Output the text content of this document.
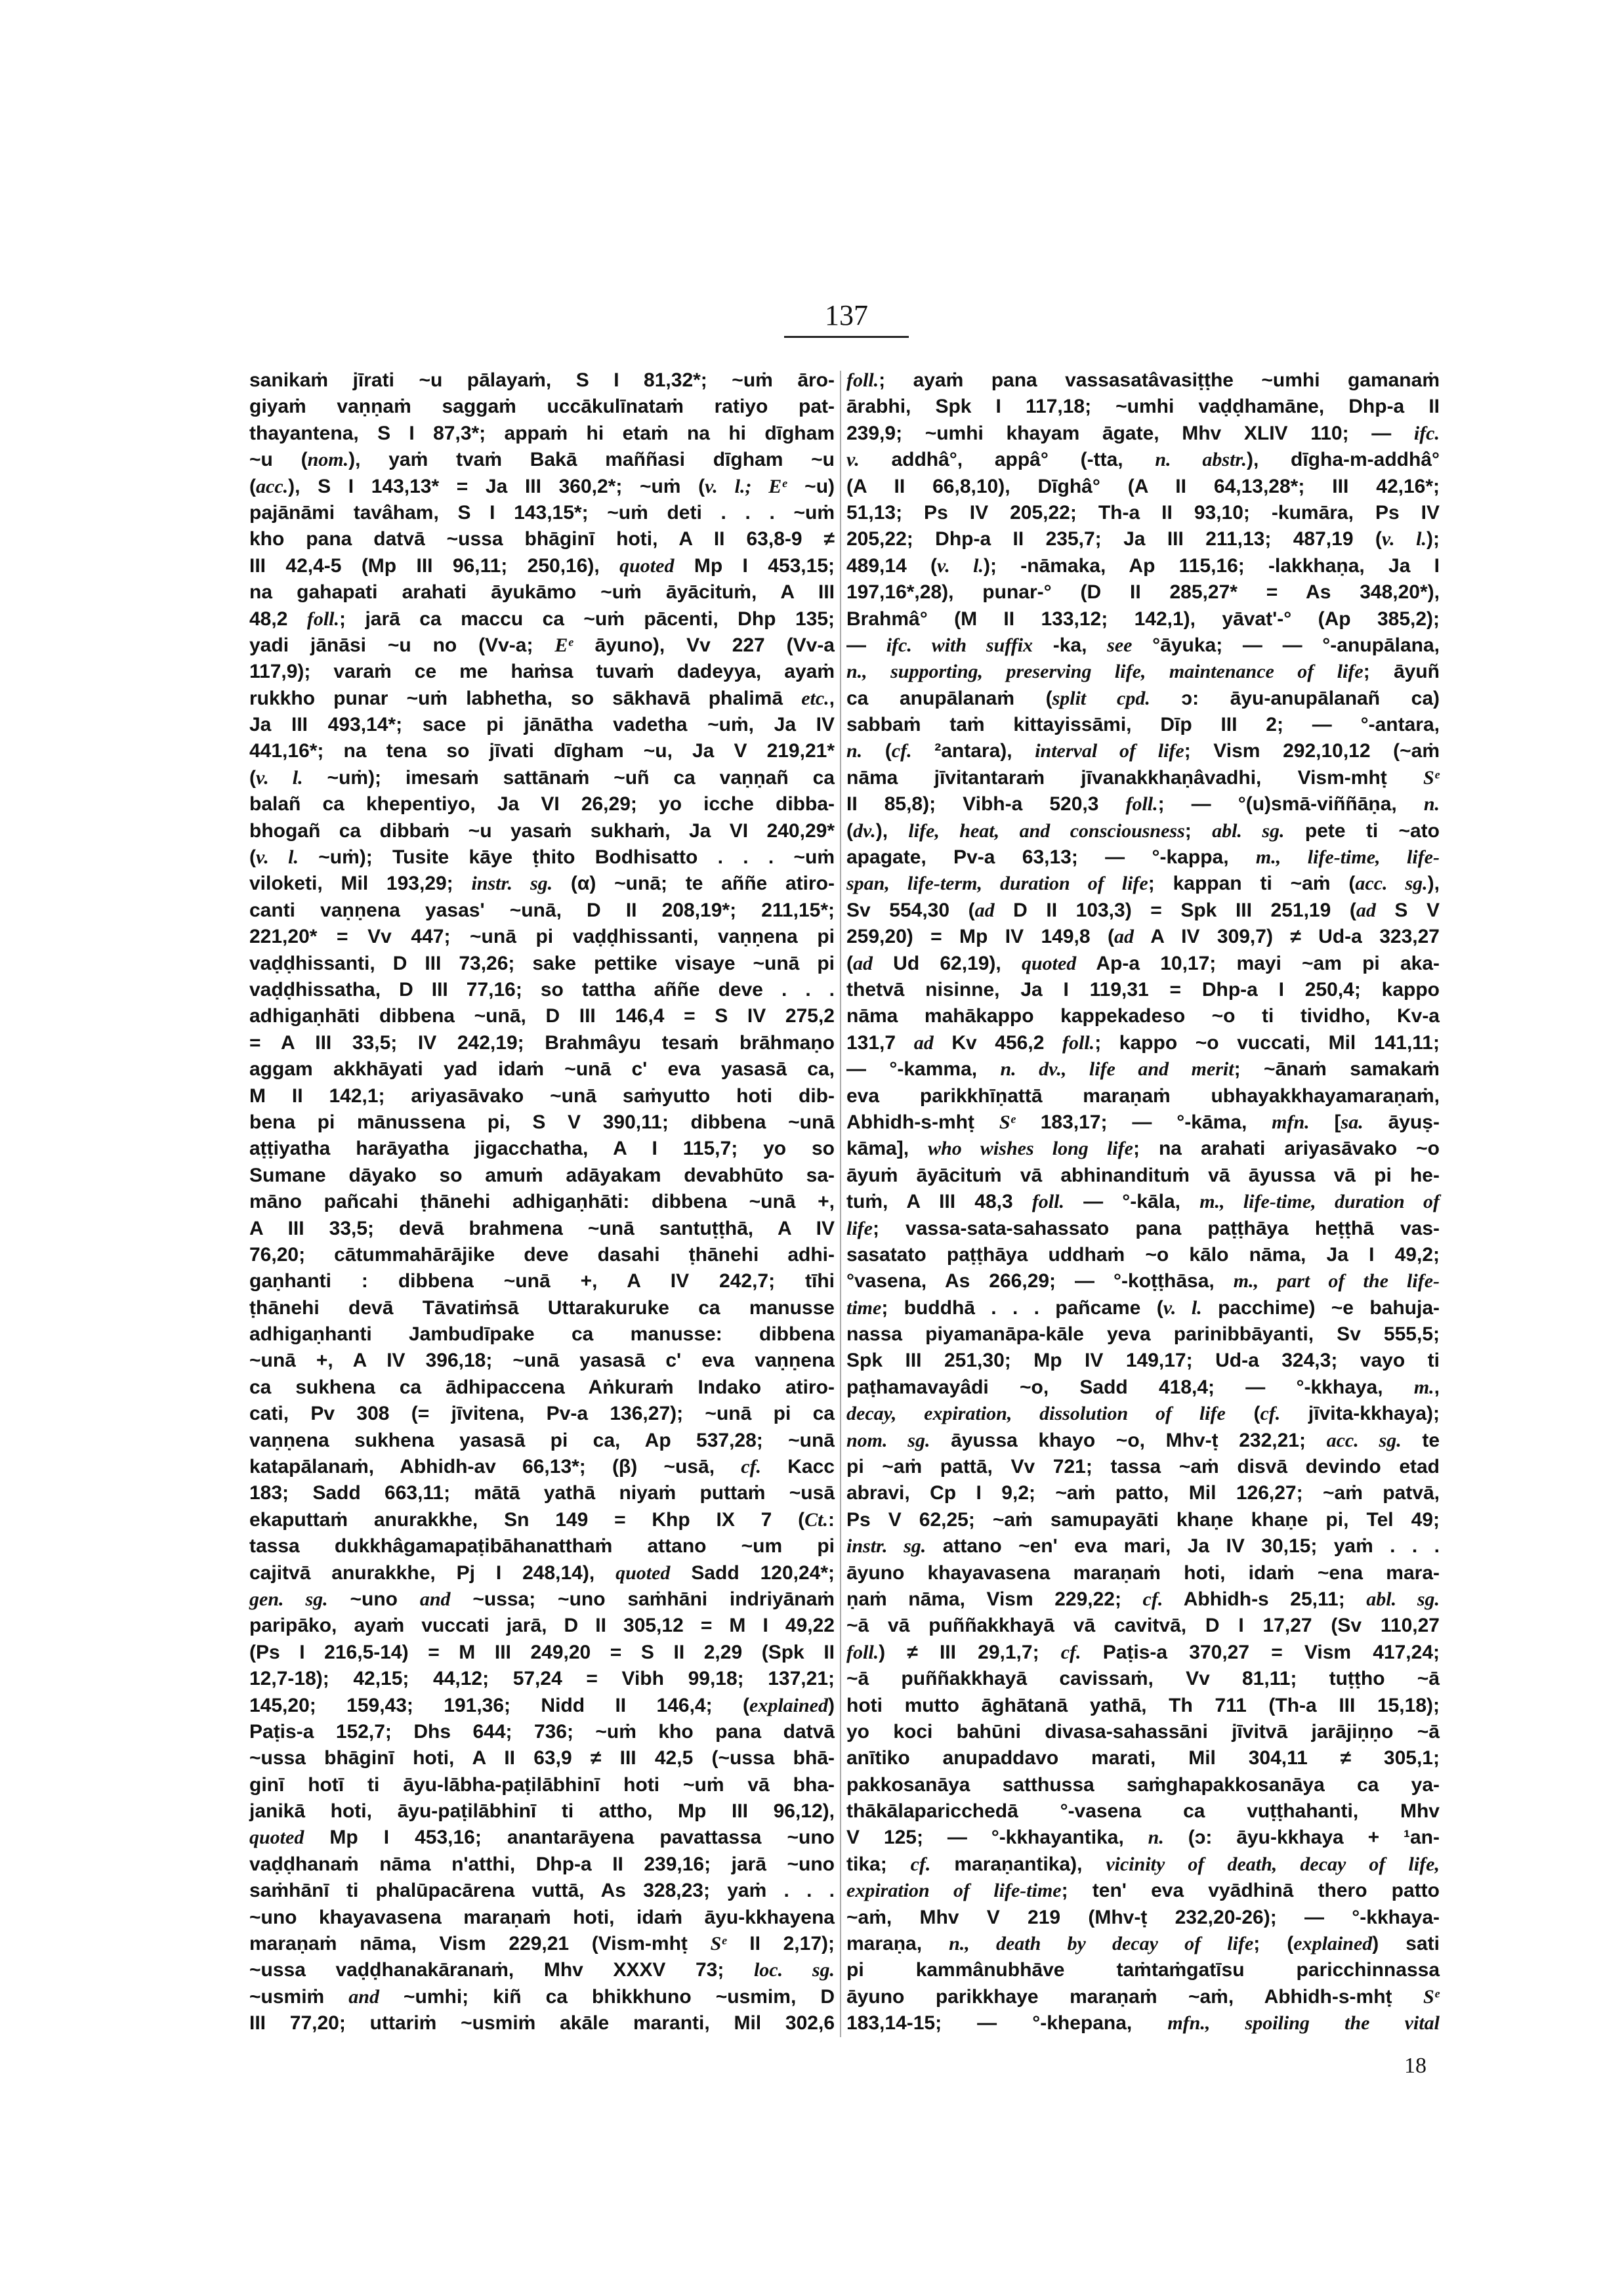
137
sanikaṁ jīrati ~u pālayaṁ, S I 81,32*; ~uṁ āro-
giyaṁ vaṇṇaṁ saggaṁ uccākulīnataṁ ratiyo pat-
thayantena, S I 87,3*; appaṁ hi etaṁ na hi dīgham
~u (nom.), yaṁ tvaṁ Bakā maññasi dīgham ~u
(acc.), S I 143,13* = Ja III 360,2*; ~uṁ (v. l.; Eᵉ ~u)
pajānāmi tavâham, S I 143,15*; ~uṁ deti . . . ~uṁ
kho pana datvā ~ussa bhāginī hoti, A II 63,8-9 ≠
III 42,4-5 (Mp III 96,11; 250,16), quoted Mp I 453,15;
na gahapati arahati āyukāmo ~uṁ āyācituṁ, A III
48,2 foll.; jarā ca maccu ca ~uṁ pācenti, Dhp 135;
yadi jānāsi ~u no (Vv-a; Eᵉ āyuno), Vv 227 (Vv-a
117,9); varaṁ ce me haṁsa tuvaṁ dadeyya, ayaṁ
rukkho punar ~uṁ labhetha, so sākhavā phalimā etc.,
Ja III 493,14*; sace pi jānātha vadetha ~uṁ, Ja IV
441,16*; na tena so jīvati dīgham ~u, Ja V 219,21*
(v. l. ~uṁ); imesaṁ sattānaṁ ~uñ ca vaṇṇañ ca
balañ ca khepentiyo, Ja VI 26,29; yo icche dibba-
bhogañ ca dibbaṁ ~u yasaṁ sukhaṁ, Ja VI 240,29*
(v. l. ~uṁ); Tusite kāye ṭhito Bodhisatto . . . ~uṁ
viloketi, Mil 193,29; instr. sg. (α) ~unā; te aññe atiro-
canti vaṇṇena yasas' ~unā, D II 208,19*; 211,15*;
221,20* = Vv 447; ~unā pi vaḍḍhissanti, vaṇṇena pi
vaḍḍhissanti, D III 73,26; sake pettike visaye ~unā pi
vaḍḍhissatha, D III 77,16; so tattha aññe deve . . .
adhigaṇhāti dibbena ~unā, D III 146,4 = S IV 275,2
= A III 33,5; IV 242,19; Brahmâyu tesaṁ brāhmaṇo
aggam akkhāyati yad idaṁ ~unā c' eva yasasā ca,
M II 142,1; ariyasāvako ~unā saṁyutto hoti dib-
bena pi mānussena pi, S V 390,11; dibbena ~unā
aṭṭiyatha harāyatha jigacchatha, A I 115,7; yo so
Sumane dāyako so amuṁ adāyakam devabhūto sa-
māno pañcahi ṭhānehi adhigaṇhāti: dibbena ~unā +,
A III 33,5; devā brahmena ~unā santuṭṭhā, A IV
76,20; cātummahārājike deve dasahi ṭhānehi adhi-
gaṇhanti : dibbena ~unā +, A IV 242,7; tīhi
ṭhānehi devā Tāvatiṁsā Uttarakuruke ca manusse
adhigaṇhanti Jambudīpake ca manusse: dibbena
~unā +, A IV 396,18; ~unā yasasā c' eva vaṇṇena
ca sukhena ca ādhipaccena Aṅkuraṁ Indako atiro-
cati, Pv 308 (= jīvitena, Pv-a 136,27); ~unā pi ca
vaṇṇena sukhena yasasā pi ca, Ap 537,28; ~unā
katapālanaṁ, Abhidh-av 66,13*; (β) ~usā, cf. Kacc
183; Sadd 663,11; mātā yathā niyaṁ puttaṁ ~usā
ekaputtaṁ anurakkhe, Sn 149 = Khp IX 7 (Ct.:
tassa dukkhâgamapaṭibāhanatthaṁ attano ~um pi
cajitvā anurakkhe, Pj I 248,14), quoted Sadd 120,24*;
gen. sg. ~uno and ~ussa; ~uno saṁhāni indriyānaṁ
paripāko, ayaṁ vuccati jarā, D II 305,12 = M I 49,22
(Ps I 216,5-14) = M III 249,20 = S II 2,29 (Spk II
12,7-18); 42,15; 44,12; 57,24 = Vibh 99,18; 137,21;
145,20; 159,43; 191,36; Nidd II 146,4; (explained)
Paṭis-a 152,7; Dhs 644; 736; ~uṁ kho pana datvā
~ussa bhāginī hoti, A II 63,9 ≠ III 42,5 (~ussa bhā-
ginī hotī ti āyu-lābha-paṭilābhinī hoti ~uṁ vā bha-
janikā hoti, āyu-paṭilābhinī ti attho, Mp III 96,12),
quoted Mp I 453,16; anantarāyena pavattassa ~uno
vaḍḍhanaṁ nāma n'atthi, Dhp-a II 239,16; jarā ~uno
saṁhānī ti phalūpacārena vuttā, As 328,23; yaṁ . . .
~uno khayavasena maraṇaṁ hoti, idaṁ āyu-kkhayena
maraṇaṁ nāma, Vism 229,21 (Vism-mhṭ Sᵉ II 2,17);
~ussa vaḍḍhanakāranaṁ, Mhv XXXV 73; loc. sg.
~usmiṁ and ~umhi; kiñ ca bhikkhuno ~usmim, D
III 77,20; uttariṁ ~usmiṁ akāle maranti, Mil 302,6
foll.; ayaṁ pana vassasatâvasiṭṭhe ~umhi gamanaṁ
ārabhi, Spk I 117,18; ~umhi vaḍḍhamāne, Dhp-a II
239,9; ~umhi khayam āgate, Mhv XLIV 110; — ifc.
v. addhâ°, appâ° (-tta, n. abstr.), dīgha-m-addhâ°
(A II 66,8,10), Dīghâ° (A II 64,13,28*; III 42,16*;
51,13; Ps IV 205,22; Th-a II 93,10; -kumāra, Ps IV
205,22; Dhp-a II 235,7; Ja III 211,13; 487,19 (v. l.);
489,14 (v. l.); -nāmaka, Ap 115,16; -lakkhaṇa, Ja I
197,16*,28), punar-° (D II 285,27* = As 348,20*),
Brahmâ° (M II 133,12; 142,1), yāvat'-° (Ap 385,2);
— ifc. with suffix -ka, see °āyuka; — — °-anupālana,
n., supporting, preserving life, maintenance of life; āyuñ
ca anupālanaṁ (split cpd. ɔ: āyu-anupālanañ ca)
sabbaṁ taṁ kittayissāmi, Dīp III 2; — °-antara,
n. (cf. ²antara), interval of life; Vism 292,10,12 (~aṁ
nāma jīvitantaraṁ jīvanakkhaṇâvadhi, Vism-mhṭ Sᵉ
II 85,8); Vibh-a 520,3 foll.; — °(u)smā-viññāṇa, n.
(dv.), life, heat, and consciousness; abl. sg. pete ti ~ato
apagate, Pv-a 63,13; — °-kappa, m., life-time, life-
span, life-term, duration of life; kappan ti ~aṁ (acc. sg.),
Sv 554,30 (ad D II 103,3) = Spk III 251,19 (ad S V
259,20) = Mp IV 149,8 (ad A IV 309,7) ≠ Ud-a 323,27
(ad Ud 62,19), quoted Ap-a 10,17; mayi ~am pi aka-
thetvā nisinne, Ja I 119,31 = Dhp-a I 250,4; kappo
nāma mahākappo kappekadeso ~o ti tividho, Kv-a
131,7 ad Kv 456,2 foll.; kappo ~o vuccati, Mil 141,11;
— °-kamma, n. dv., life and merit; ~ānaṁ samakaṁ
eva parikkhīṇattā maraṇaṁ ubhayakkhayamaraṇaṁ,
Abhidh-s-mhṭ Sᵉ 183,17; — °-kāma, mfn. [sa. āyuṣ-
kāma], who wishes long life; na arahati ariyasāvako ~o
āyuṁ āyācituṁ vā abhinandituṁ vā āyussa vā pi he-
tuṁ, A III 48,3 foll. — °-kāla, m., life-time, duration of
life; vassa-sata-sahassato pana paṭṭhāya heṭṭhā vas-
sasatato paṭṭhāya uddhaṁ ~o kālo nāma, Ja I 49,2;
°vasena, As 266,29; — °-koṭṭhāsa, m., part of the life-
time; buddhā . . . pañcame (v. l. pacchime) ~e bahuja-
nassa piyamanāpa-kāle yeva parinibbāyanti, Sv 555,5;
Spk III 251,30; Mp IV 149,17; Ud-a 324,3; vayo ti
paṭhamavayâdi ~o, Sadd 418,4; — °-kkhaya, m.,
decay, expiration, dissolution of life (cf. jīvita-kkhaya);
nom. sg. āyussa khayo ~o, Mhv-ṭ 232,21; acc. sg. te
pi ~aṁ pattā, Vv 721; tassa ~aṁ disvā devindo etad
abravi, Cp I 9,2; ~aṁ patto, Mil 126,27; ~aṁ patvā,
Ps V 62,25; ~aṁ samupayāti khaṇe khaṇe pi, Tel 49;
instr. sg. attano ~en' eva mari, Ja IV 30,15; yaṁ . . .
āyuno khayavasena maraṇaṁ hoti, idaṁ ~ena mara-
ṇaṁ nāma, Vism 229,22; cf. Abhidh-s 25,11; abl. sg.
~ā vā puññakkhayā vā cavitvā, D I 17,27 (Sv 110,27
foll.) ≠ III 29,1,7; cf. Paṭis-a 370,27 = Vism 417,24;
~ā puññakkhayā cavissaṁ, Vv 81,11; tuṭṭho ~ā
hoti mutto āghātanā yathā, Th 711 (Th-a III 15,18);
yo koci bahūni divasa-sahassāni jīvitvā jarājiṇṇo ~ā
anītiko anupaddavo marati, Mil 304,11 ≠ 305,1;
pakkosanāya satthussa saṁghapakkosanāya ca ya-
thākālaparicchedā °-vasena ca vuṭṭhahanti, Mhv
V 125; — °-kkhayantika, n. (ɔ: āyu-kkhaya + ¹an-
tika; cf. maraṇantika), vicinity of death, decay of life,
expiration of life-time; ten' eva vyādhinā thero patto
~aṁ, Mhv V 219 (Mhv-ṭ 232,20-26); — °-kkhaya-
maraṇa, n., death by decay of life; (explained) sati
pi kammânubhāve taṁtaṁgatīsu paricchinnassa
āyuno parikkhaye maraṇaṁ ~aṁ, Abhidh-s-mhṭ Sᵉ
183,14-15; — °-khepana, mfn., spoiling the vital
18
